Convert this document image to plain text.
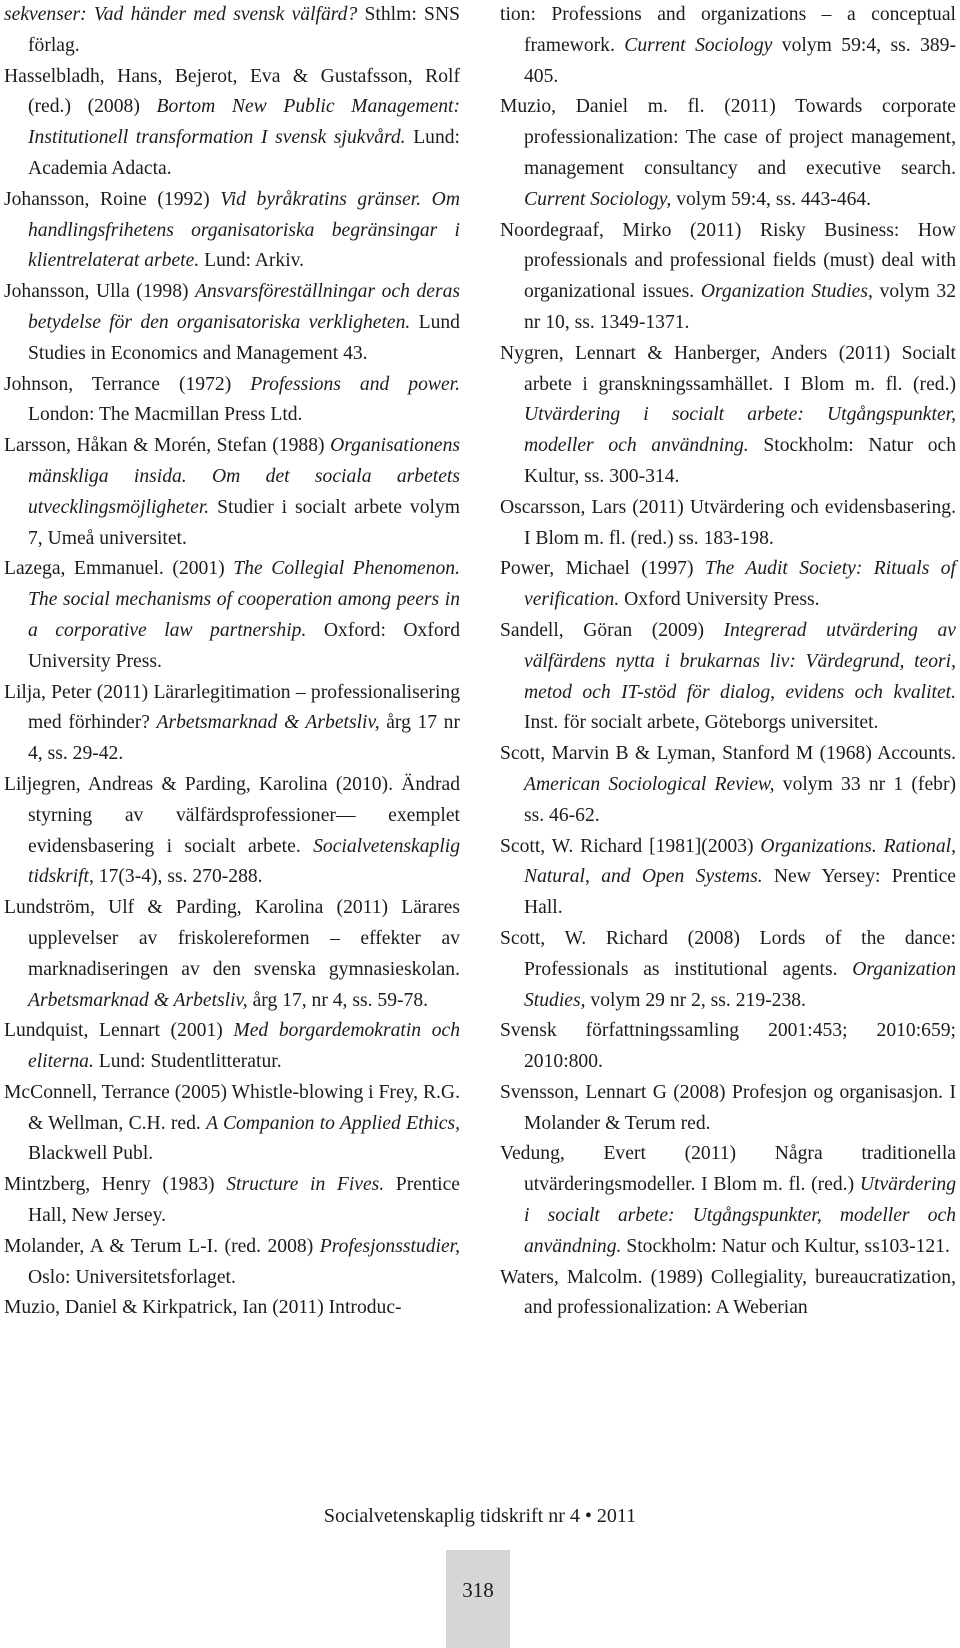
sekvenser: Vad händer med svensk välfärd? Sthlm: SNS förlag.

Hasselbladh, Hans, Bejerot, Eva & Gustafsson, Rolf (red.) (2008) Bortom New Public Management: Institutionell transformation I svensk sjukvård. Lund: Academia Adacta.

Johansson, Roine (1992) Vid byråkratins gränser. Om handlingsfrihetens organisatoriska begränsingar i klientrelaterat arbete. Lund: Arkiv.

Johansson, Ulla (1998) Ansvarsföreställningar och deras betydelse för den organisatoriska verkligheten. Lund Studies in Economics and Management 43.

Johnson, Terrance (1972) Professions and power. London: The Macmillan Press Ltd.

Larsson, Håkan & Morén, Stefan (1988) Organisationens mänskliga insida. Om det sociala arbetets utvecklingsmöjligheter. Studier i socialt arbete volym 7, Umeå universitet.

Lazega, Emmanuel. (2001) The Collegial Phenomenon. The social mechanisms of cooperation among peers in a corporative law partnership. Oxford: Oxford University Press.

Lilja, Peter (2011) Lärarlegitimation – professionalisering med förhinder? Arbetsmarknad & Arbetsliv, årg 17 nr 4, ss. 29-42.

Liljegren, Andreas & Parding, Karolina (2010). Ändrad styrning av välfärdsprofessioner— exemplet evidensbasering i socialt arbete. Socialvetenskaplig tidskrift, 17(3-4), ss. 270-288.

Lundström, Ulf & Parding, Karolina (2011) Lärares upplevelser av friskolereformen – effekter av marknadiseringen av den svenska gymnasieskolan. Arbetsmarknad & Arbetsliv, årg 17, nr 4, ss. 59-78.

Lundquist, Lennart (2001) Med borgardemokratin och eliterna. Lund: Studentlitteratur.

McConnell, Terrance (2005) Whistle-blowing i Frey, R.G. & Wellman, C.H. red. A Companion to Applied Ethics, Blackwell Publ.

Mintzberg, Henry (1983) Structure in Fives. Prentice Hall, New Jersey.

Molander, A & Terum L-I. (red. 2008) Profesjonsstudier, Oslo: Universitetsforlaget.

Muzio, Daniel & Kirkpatrick, Ian (2011) Introduc-

tion: Professions and organizations – a conceptual framework. Current Sociology volym 59:4, ss. 389-405.

Muzio, Daniel m. fl. (2011) Towards corporate professionalization: The case of project management, management consultancy and executive search. Current Sociology, volym 59:4, ss. 443-464.

Noordegraaf, Mirko (2011) Risky Business: How professionals and professional fields (must) deal with organizational issues. Organization Studies, volym 32 nr 10, ss. 1349-1371.

Nygren, Lennart & Hanberger, Anders (2011) Socialt arbete i granskningssamhället. I Blom m. fl. (red.) Utvärdering i socialt arbete: Utgångspunkter, modeller och användning. Stockholm: Natur och Kultur, ss. 300-314.

Oscarsson, Lars (2011) Utvärdering och evidensbasering. I Blom m. fl. (red.) ss. 183-198.

Power, Michael (1997) The Audit Society: Rituals of verification. Oxford University Press.

Sandell, Göran (2009) Integrerad utvärdering av välfärdens nytta i brukarnas liv: Värdegrund, teori, metod och IT-stöd för dialog, evidens och kvalitet. Inst. för socialt arbete, Göteborgs universitet.

Scott, Marvin B & Lyman, Stanford M (1968) Accounts. American Sociological Review, volym 33 nr 1 (febr) ss. 46-62.

Scott, W. Richard [1981](2003) Organizations. Rational, Natural, and Open Systems. New Yersey: Prentice Hall.

Scott, W. Richard (2008) Lords of the dance: Professionals as institutional agents. Organization Studies, volym 29 nr 2, ss. 219-238.

Svensk författningssamling 2001:453; 2010:659; 2010:800.

Svensson, Lennart G (2008) Profesjon og organisasjon. I Molander & Terum red.

Vedung, Evert (2011) Några traditionella utvärderingsmodeller. I Blom m. fl. (red.) Utvärdering i socialt arbete: Utgångspunkter, modeller och användning. Stockholm: Natur och Kultur, ss103-121.

Waters, Malcolm. (1989) Collegiality, bureaucratization, and professionalization: A Weberian

Socialvetenskaplig tidskrift nr 4 • 2011
318
